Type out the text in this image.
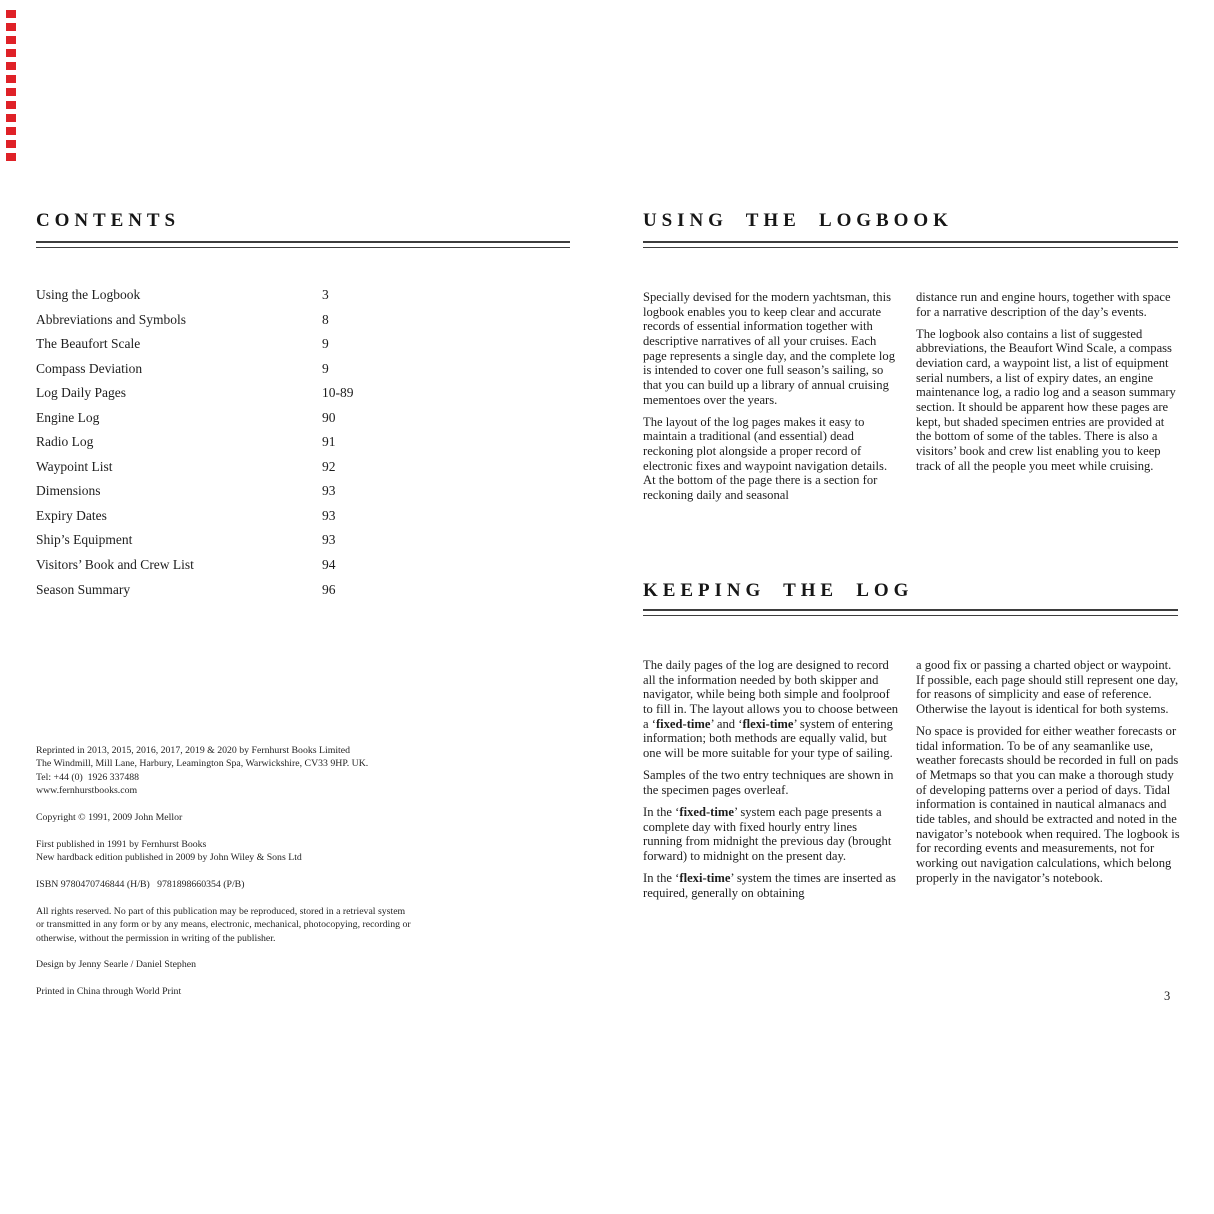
CONTENTS
Using the Logbook	3
Abbreviations and Symbols	8
The Beaufort Scale	9
Compass Deviation	9
Log Daily Pages	10-89
Engine Log	90
Radio Log	91
Waypoint List	92
Dimensions	93
Expiry Dates	93
Ship’s Equipment	93
Visitors’ Book and Crew List	94
Season Summary	96
Reprinted in 2013, 2015, 2016, 2017, 2019 & 2020 by Fernhurst Books Limited
The Windmill, Mill Lane, Harbury, Leamington Spa, Warwickshire, CV33 9HP. UK.
Tel: +44 (0)  1926 337488
www.fernhurstbooks.com
Copyright © 1991, 2009 John Mellor
First published in 1991 by Fernhurst Books
New hardback edition published in 2009 by John Wiley & Sons Ltd
ISBN 9780470746844 (H/B)   9781898660354 (P/B)
All rights reserved. No part of this publication may be reproduced, stored in a retrieval system
or transmitted in any form or by any means, electronic, mechanical, photocopying, recording or
otherwise, without the permission in writing of the publisher.
Design by Jenny Searle / Daniel Stephen
Printed in China through World Print
USING THE LOGBOOK

Specially devised for the modern yachtsman, this logbook enables you to keep clear and accurate records of essential information together with descriptive narratives of all your cruises. Each page represents a single day, and the complete log is intended to cover one full season’s sailing, so that you can build up a library of annual cruising mementoes over the years.

The layout of the log pages makes it easy to maintain a traditional (and essential) dead reckoning plot alongside a proper record of electronic fixes and waypoint navigation details. At the bottom of the page there is a section for reckoning daily and seasonal

distance run and engine hours, together with space for a narrative description of the day’s events.

The logbook also contains a list of suggested abbreviations, the Beaufort Wind Scale, a compass deviation card, a waypoint list, a list of equipment serial numbers, a list of expiry dates, an engine maintenance log, a radio log and a season summary section. It should be apparent how these pages are kept, but shaded specimen entries are provided at the bottom of some of the tables. There is also a visitors’ book and crew list enabling you to keep track of all the people you meet while cruising.

KEEPING THE LOG

The daily pages of the log are designed to record all the information needed by both skipper and navigator, while being both simple and foolproof to fill in. The layout allows you to choose between a ‘fixed-time’ and ‘flexi-time’ system of entering information; both methods are equally valid, but one will be more suitable for your type of sailing.

Samples of the two entry techniques are shown in the specimen pages overleaf.

In the ‘fixed-time’ system each page presents a complete day with fixed hourly entry lines running from midnight the previous day (brought forward) to midnight on the present day.

In the ‘flexi-time’ system the times are inserted as required, generally on obtaining

a good fix or passing a charted object or waypoint. If possible, each page should still represent one day, for reasons of simplicity and ease of reference. Otherwise the layout is identical for both systems.

No space is provided for either weather forecasts or tidal information. To be of any seamanlike use, weather forecasts should be recorded in full on pads of Metmaps so that you can make a thorough study of developing patterns over a period of days. Tidal information is contained in nautical almanacs and tide tables, and should be extracted and noted in the navigator’s notebook when required. The logbook is for recording events and measurements, not for working out navigation calculations, which belong properly in the navigator’s notebook.

3
